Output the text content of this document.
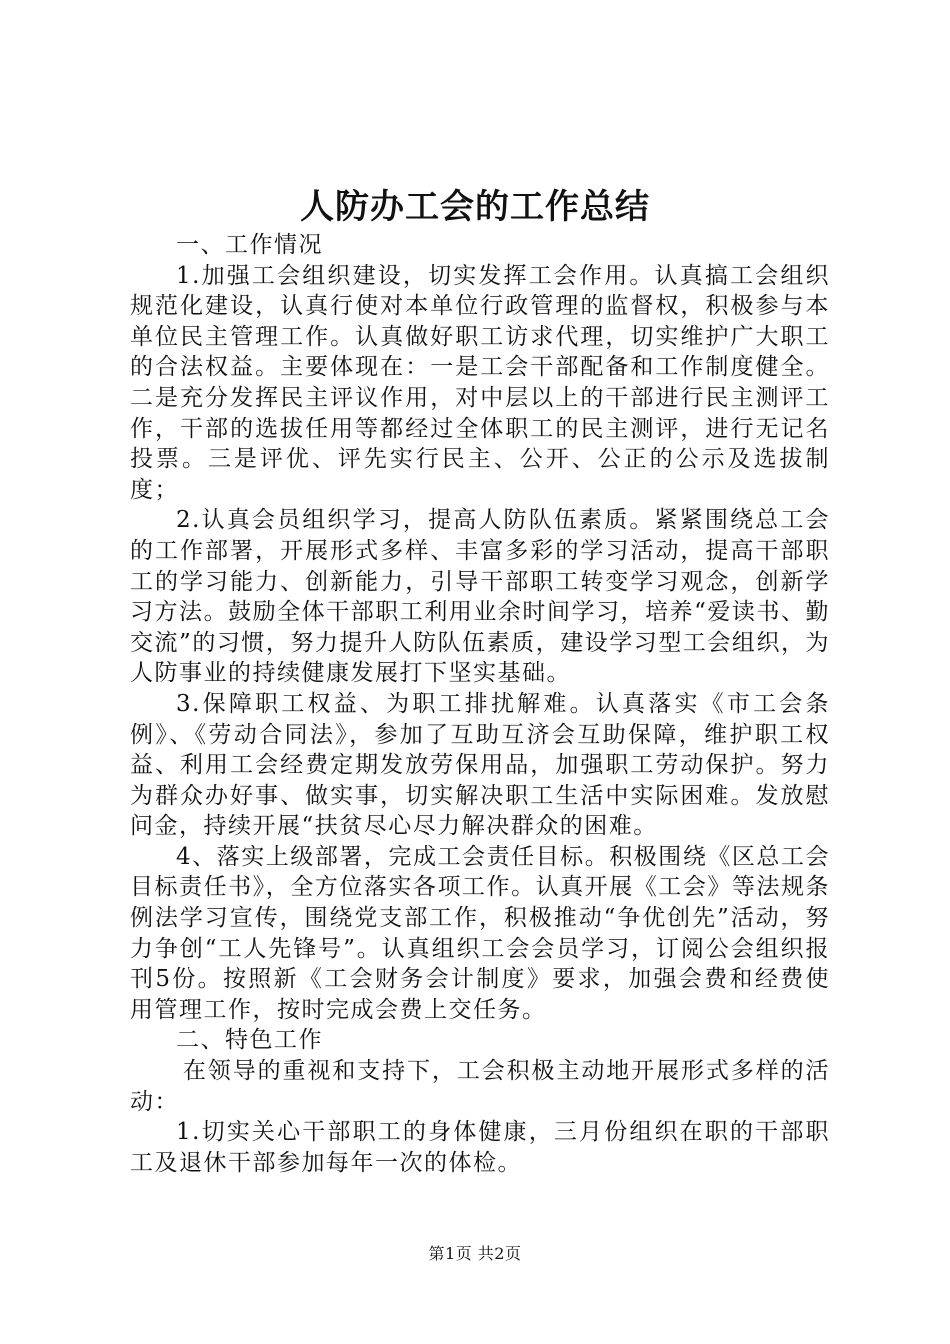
人防办工会的工作总结

一、工作情况

1.加强工会组织建设，切实发挥工会作用。认真搞工会组织规范化建设，认真行使对本单位行政管理的监督权，积极参与本单位民主管理工作。认真做好职工访求代理，切实维护广大职工的合法权益。主要体现在：一是工会干部配备和工作制度健全。二是充分发挥民主评议作用，对中层以上的干部进行民主测评工作，干部的选拔任用等都经过全体职工的民主测评，进行无记名投票。三是评优、评先实行民主、公开、公正的公示及选拔制度；

2.认真会员组织学习，提高人防队伍素质。紧紧围绕总工会的工作部署，开展形式多样、丰富多彩的学习活动，提高干部职工的学习能力、创新能力，引导干部职工转变学习观念，创新学习方法。鼓励全体干部职工利用业余时间学习，培养“爱读书、勤交流”的习惯，努力提升人防队伍素质，建设学习型工会组织，为人防事业的持续健康发展打下坚实基础。

3.保障职工权益、为职工排扰解难。认真落实《市工会条例》、《劳动合同法》，参加了互助互济会互助保障，维护职工权益、利用工会经费定期发放劳保用品，加强职工劳动保护。努力为群众办好事、做实事，切实解决职工生活中实际困难。发放慰问金，持续开展“扶贫尽心尽力解决群众的困难。

4、落实上级部署，完成工会责任目标。积极围绕《区总工会目标责任书》，全方位落实各项工作。认真开展《工会》等法规条例法学习宣传，围绕党支部工作，积极推动“争优创先”活动，努力争创“工人先锋号”。认真组织工会会员学习，订阅公会组织报刊5份。按照新《工会财务会计制度》要求，加强会费和经费使用管理工作，按时完成会费上交任务。

二、特色工作

在领导的重视和支持下，工会积极主动地开展形式多样的活动：

1.切实关心干部职工的身体健康，三月份组织在职的干部职工及退休干部参加每年一次的体检。

第1页 共2页
